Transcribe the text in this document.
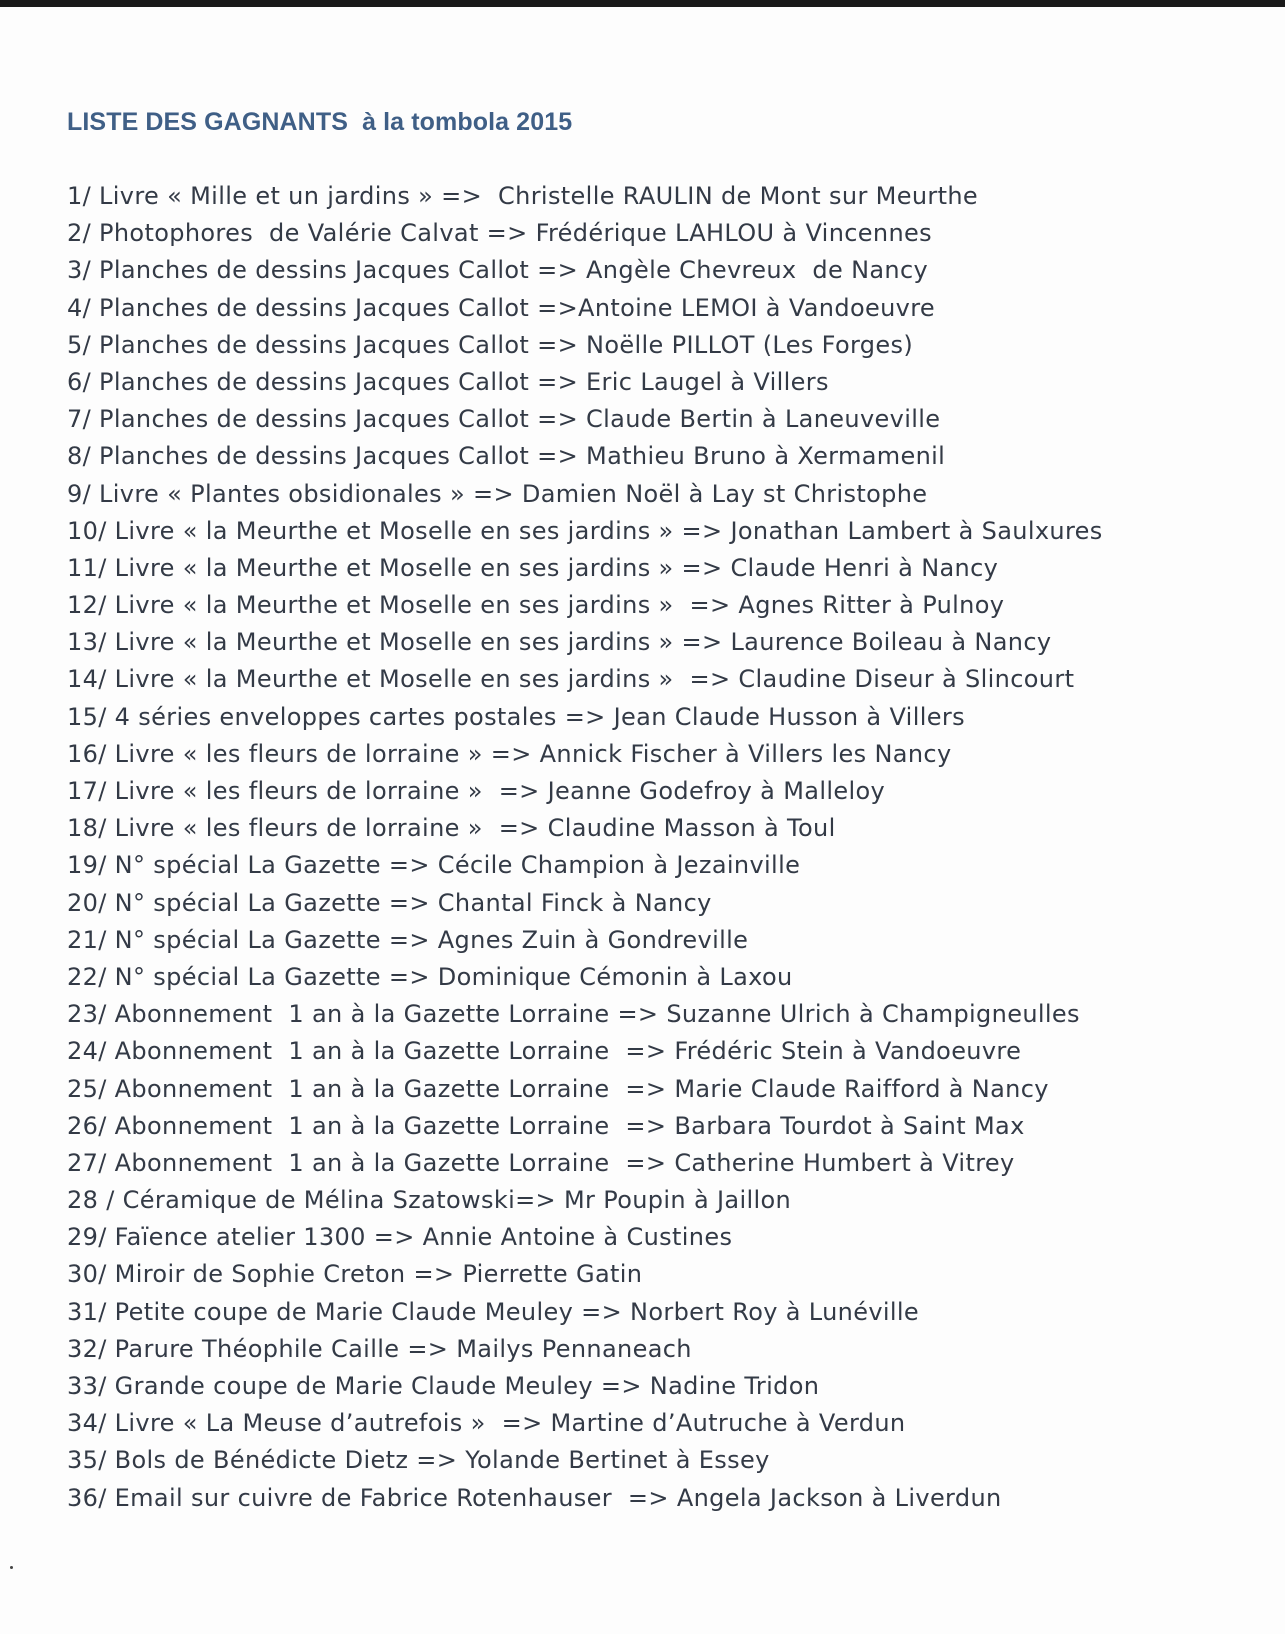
LISTE DES GAGNANTS  à la tombola 2015
1/ Livre « Mille et un jardins » =>  Christelle RAULIN de Mont sur Meurthe
2/ Photophores  de Valérie Calvat => Frédérique LAHLOU à Vincennes
3/ Planches de dessins Jacques Callot => Angèle Chevreux  de Nancy
4/ Planches de dessins Jacques Callot =>Antoine LEMOI à Vandoeuvre
5/ Planches de dessins Jacques Callot => Noëlle PILLOT (Les Forges)
6/ Planches de dessins Jacques Callot => Eric Laugel à Villers
7/ Planches de dessins Jacques Callot => Claude Bertin à Laneuveville
8/ Planches de dessins Jacques Callot => Mathieu Bruno à Xermamenil
9/ Livre « Plantes obsidionales » => Damien Noël à Lay st Christophe
10/ Livre « la Meurthe et Moselle en ses jardins » => Jonathan Lambert à Saulxures
11/ Livre « la Meurthe et Moselle en ses jardins » => Claude Henri à Nancy
12/ Livre « la Meurthe et Moselle en ses jardins »  => Agnes Ritter à Pulnoy
13/ Livre « la Meurthe et Moselle en ses jardins » => Laurence Boileau à Nancy
14/ Livre « la Meurthe et Moselle en ses jardins »  => Claudine Diseur à Slincourt
15/ 4 séries enveloppes cartes postales => Jean Claude Husson à Villers
16/ Livre « les fleurs de lorraine » => Annick Fischer à Villers les Nancy
17/ Livre « les fleurs de lorraine »  => Jeanne Godefroy à Malleloy
18/ Livre « les fleurs de lorraine »  => Claudine Masson à Toul
19/ N° spécial La Gazette => Cécile Champion à Jezainville
20/ N° spécial La Gazette => Chantal Finck à Nancy
21/ N° spécial La Gazette => Agnes Zuin à Gondreville
22/ N° spécial La Gazette => Dominique Cémonin à Laxou
23/ Abonnement  1 an à la Gazette Lorraine => Suzanne Ulrich à Champigneulles
24/ Abonnement  1 an à la Gazette Lorraine  => Frédéric Stein à Vandoeuvre
25/ Abonnement  1 an à la Gazette Lorraine  => Marie Claude Raifford à Nancy
26/ Abonnement  1 an à la Gazette Lorraine  => Barbara Tourdot à Saint Max
27/ Abonnement  1 an à la Gazette Lorraine  => Catherine Humbert à Vitrey
28 / Céramique de Mélina Szatowski=> Mr Poupin à Jaillon
29/ Faïence atelier 1300 => Annie Antoine à Custines
30/ Miroir de Sophie Creton => Pierrette Gatin
31/ Petite coupe de Marie Claude Meuley => Norbert Roy à Lunéville
32/ Parure Théophile Caille => Mailys Pennaneach
33/ Grande coupe de Marie Claude Meuley => Nadine Tridon
34/ Livre « La Meuse d’autrefois »  => Martine d’Autruche à Verdun
35/ Bols de Bénédicte Dietz => Yolande Bertinet à Essey
36/ Email sur cuivre de Fabrice Rotenhauser  => Angela Jackson à Liverdun
